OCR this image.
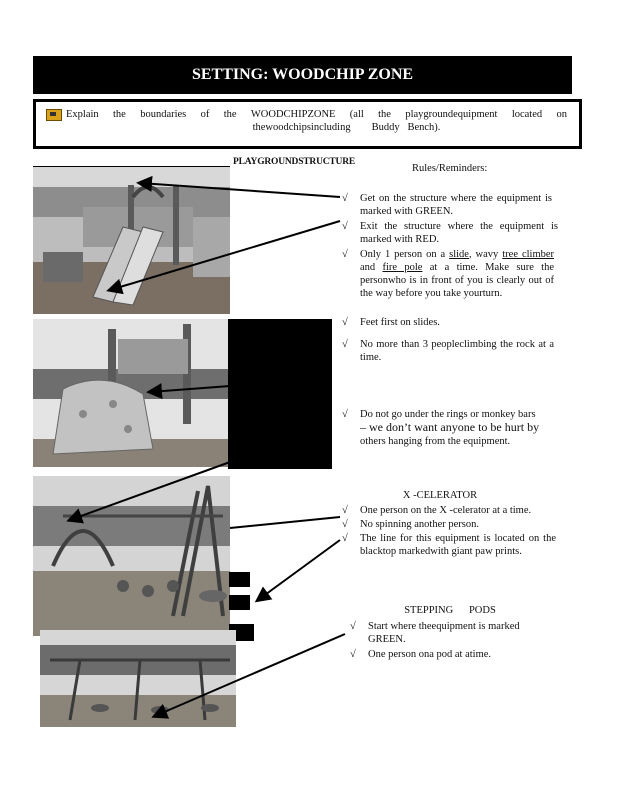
SETTING: WOODCHIP ZONE
Explain the boundaries of the WOODCHIPZONE (all the playgroundequipment located on
thewoodchipsincluding        Buddy   Bench).
PLAYGROUNDSTRUCTURE
Rules/Reminders:
√	Get on the structure where the equipment is marked with GREEN.
√	Exit the structure where the equipment is marked with RED.
√	Only 1 person on a slide, wavy tree climber and fire pole at a time. Make sure the personwho is in front of you is clearly out of the way before you take yourturn.
√	Feet first on slides.
√	No more than 3 peopleclimbing the rock at a time.
√	Do not go under the rings or monkey bars
– we don’t want anyone to be hurt by
others hanging from the equipment.
X -CELERATOR
√	One person on the X -celerator at a time.
√	No spinning another person.
√	The line for this equipment is located on the blacktop markedwith giant paw prints.
STEPPING      PODS
√	Start where theequipment is marked GREEN.
√	One person ona pod at atime.
